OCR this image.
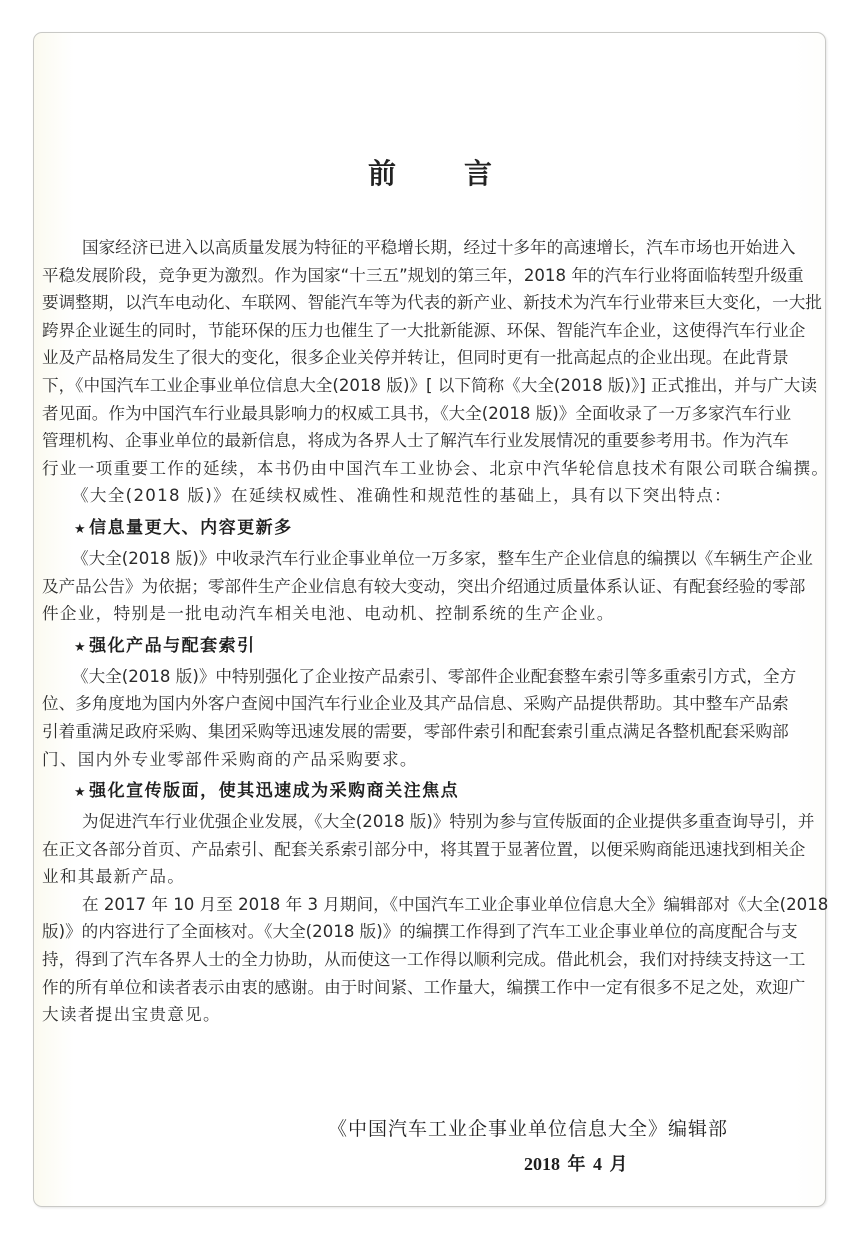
前 言
国家经济已进入以高质量发展为特征的平稳增长期，经过十多年的高速增长，汽车市场也开始进入
平稳发展阶段，竞争更为激烈。作为国家“十三五”规划的第三年，2018 年的汽车行业将面临转型升级重
要调整期，以汽车电动化、车联网、智能汽车等为代表的新产业、新技术为汽车行业带来巨大变化，一大批
跨界企业诞生的同时，节能环保的压力也催生了一大批新能源、环保、智能汽车企业，这使得汽车行业企
业及产品格局发生了很大的变化，很多企业关停并转让，但同时更有一批高起点的企业出现。在此背景
下，《中国汽车工业企事业单位信息大全(2018 版)》[ 以下简称《大全(2018 版)》] 正式推出，并与广大读
者见面。作为中国汽车行业最具影响力的权威工具书，《大全(2018 版)》全面收录了一万多家汽车行业
管理机构、企事业单位的最新信息，将成为各界人士了解汽车行业发展情况的重要参考用书。作为汽车
行业一项重要工作的延续，本书仍由中国汽车工业协会、北京中汽华轮信息技术有限公司联合编撰。
《大全(2018 版)》在延续权威性、准确性和规范性的基础上，具有以下突出特点：
★ 信息量更大、内容更新多
《大全(2018 版)》中收录汽车行业企事业单位一万多家，整车生产企业信息的编撰以《车辆生产企业
及产品公告》为依据；零部件生产企业信息有较大变动，突出介绍通过质量体系认证、有配套经验的零部
件企业，特别是一批电动汽车相关电池、电动机、控制系统的生产企业。
★ 强化产品与配套索引
《大全(2018 版)》中特别强化了企业按产品索引、零部件企业配套整车索引等多重索引方式，全方
位、多角度地为国内外客户查阅中国汽车行业企业及其产品信息、采购产品提供帮助。其中整车产品索
引着重满足政府采购、集团采购等迅速发展的需要，零部件索引和配套索引重点满足各整机配套采购部
门、国内外专业零部件采购商的产品采购要求。
★ 强化宣传版面，使其迅速成为采购商关注焦点
为促进汽车行业优强企业发展，《大全(2018 版)》特别为参与宣传版面的企业提供多重查询导引，并
在正文各部分首页、产品索引、配套关系索引部分中，将其置于显著位置，以便采购商能迅速找到相关企
业和其最新产品。
在 2017 年 10 月至 2018 年 3 月期间，《中国汽车工业企事业单位信息大全》编辑部对《大全(2018
版)》的内容进行了全面核对。《大全(2018 版)》的编撰工作得到了汽车工业企事业单位的高度配合与支
持，得到了汽车各界人士的全力协助，从而使这一工作得以顺利完成。借此机会，我们对持续支持这一工
作的所有单位和读者表示由衷的感谢。由于时间紧、工作量大，编撰工作中一定有很多不足之处，欢迎广
大读者提出宝贵意见。
《中国汽车工业企事业单位信息大全》编辑部
2018 年 4 月
